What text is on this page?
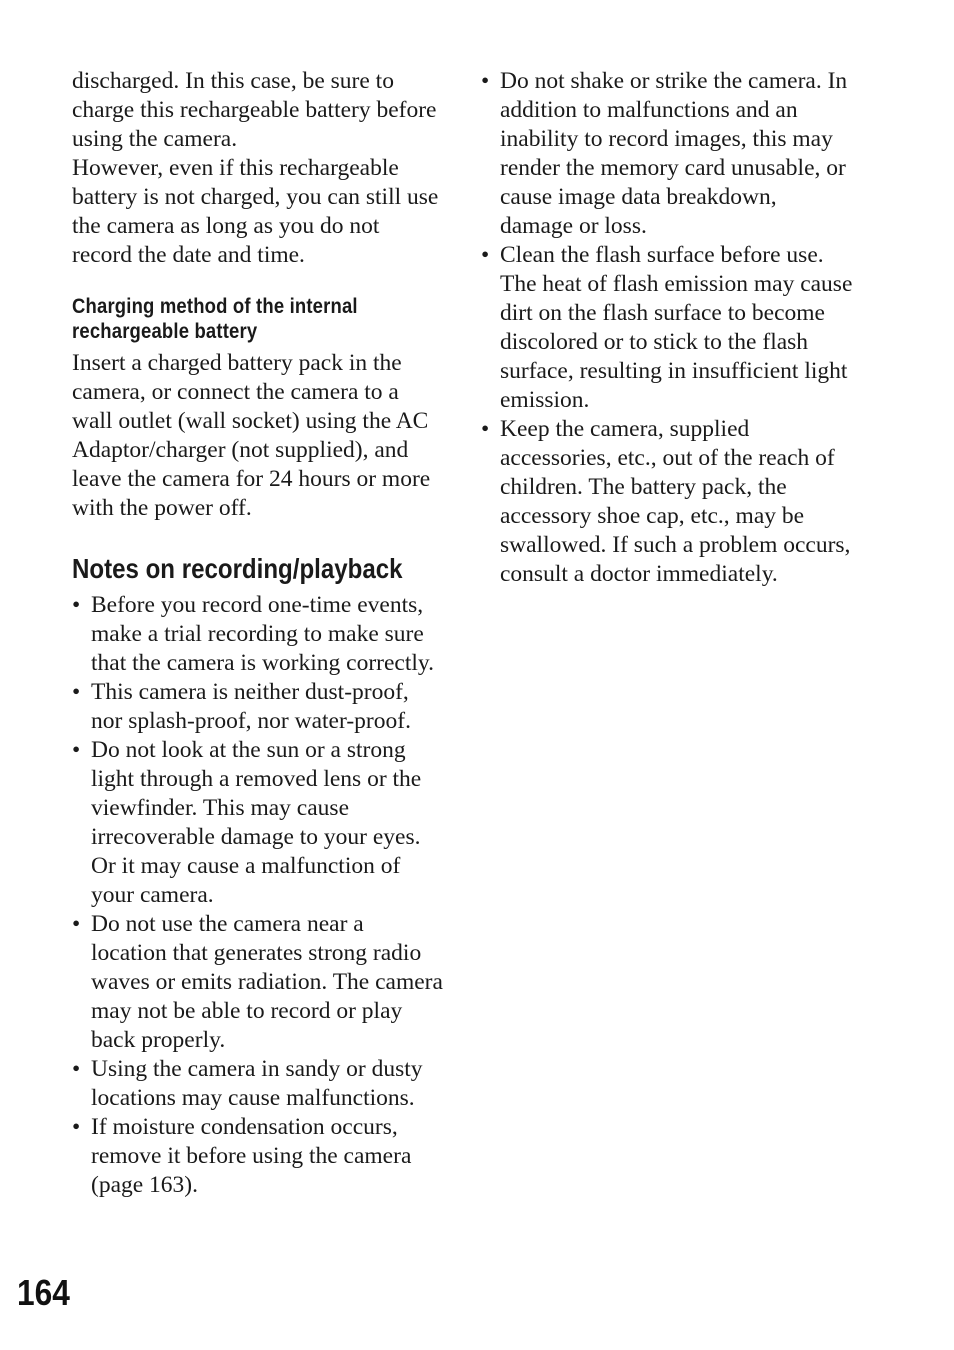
discharged. In this case, be sure to charge this rechargeable battery before using the camera.

However, even if this rechargeable battery is not charged, you can still use the camera as long as you do not record the date and time.

Charging method of the internal rechargeable battery

Insert a charged battery pack in the camera, or connect the camera to a wall outlet (wall socket) using the AC Adaptor/charger (not supplied), and leave the camera for 24 hours or more with the power off.

Notes on recording/playback
• Before you record one-time events, make a trial recording to make sure that the camera is working correctly.
• This camera is neither dust-proof, nor splash-proof, nor water-proof.
• Do not look at the sun or a strong light through a removed lens or the viewfinder. This may cause irrecoverable damage to your eyes. Or it may cause a malfunction of your camera.
• Do not use the camera near a location that generates strong radio waves or emits radiation. The camera may not be able to record or play back properly.
• Using the camera in sandy or dusty locations may cause malfunctions.
• If moisture condensation occurs, remove it before using the camera (page 163).
• Do not shake or strike the camera. In addition to malfunctions and an inability to record images, this may render the memory card unusable, or cause image data breakdown, damage or loss.
• Clean the flash surface before use. The heat of flash emission may cause dirt on the flash surface to become discolored or to stick to the flash surface, resulting in insufficient light emission.
• Keep the camera, supplied accessories, etc., out of the reach of children. The battery pack, the accessory shoe cap, etc., may be swallowed. If such a problem occurs, consult a doctor immediately.
164
